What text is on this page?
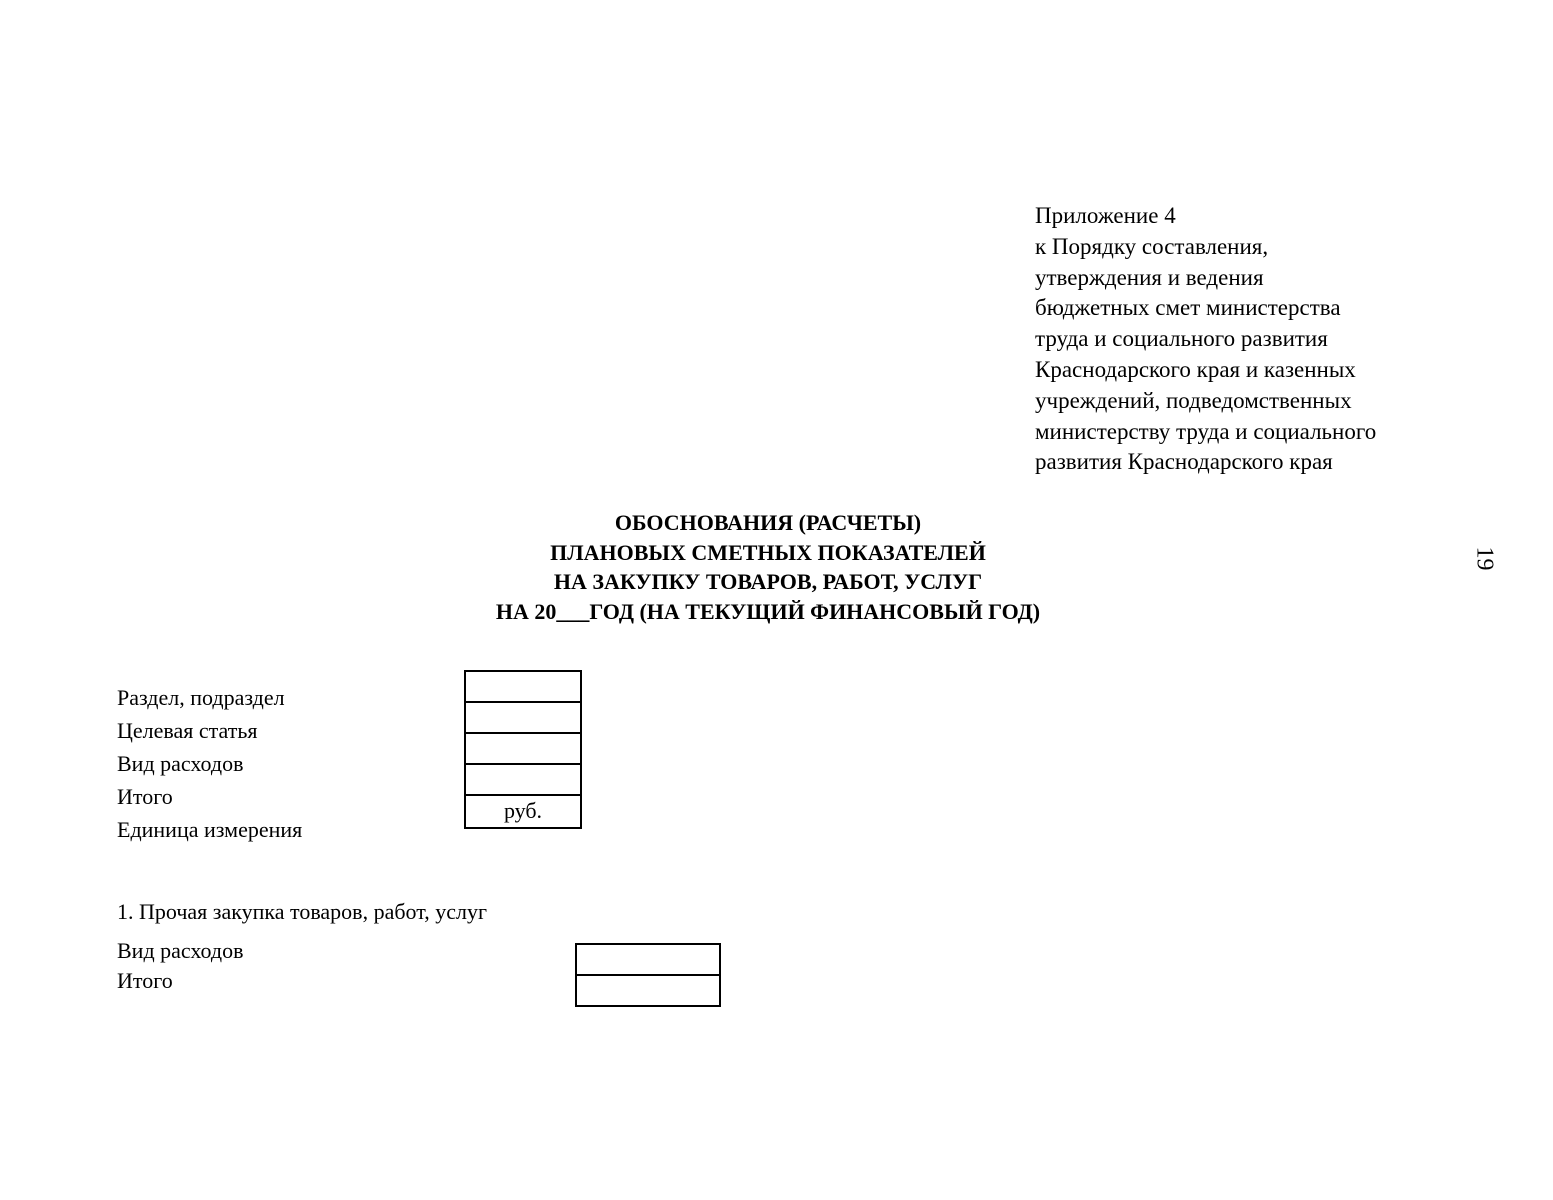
Приложение 4
к Порядку составления,
утверждения и ведения
бюджетных смет министерства
труда и социального развития
Краснодарского края и казенных
учреждений, подведомственных
министерству труда и социального
развития Краснодарского края
ОБОСНОВАНИЯ (РАСЧЕТЫ)
ПЛАНОВЫХ СМЕТНЫХ ПОКАЗАТЕЛЕЙ
НА ЗАКУПКУ ТОВАРОВ, РАБОТ, УСЛУГ
НА 20___ГОД (НА ТЕКУЩИЙ ФИНАНСОВЫЙ ГОД)
19
Раздел, подраздел
Целевая статья
Вид расходов
Итого
Единица измерения
руб.
1. Прочая закупка товаров, работ, услуг
Вид расходов
Итого
